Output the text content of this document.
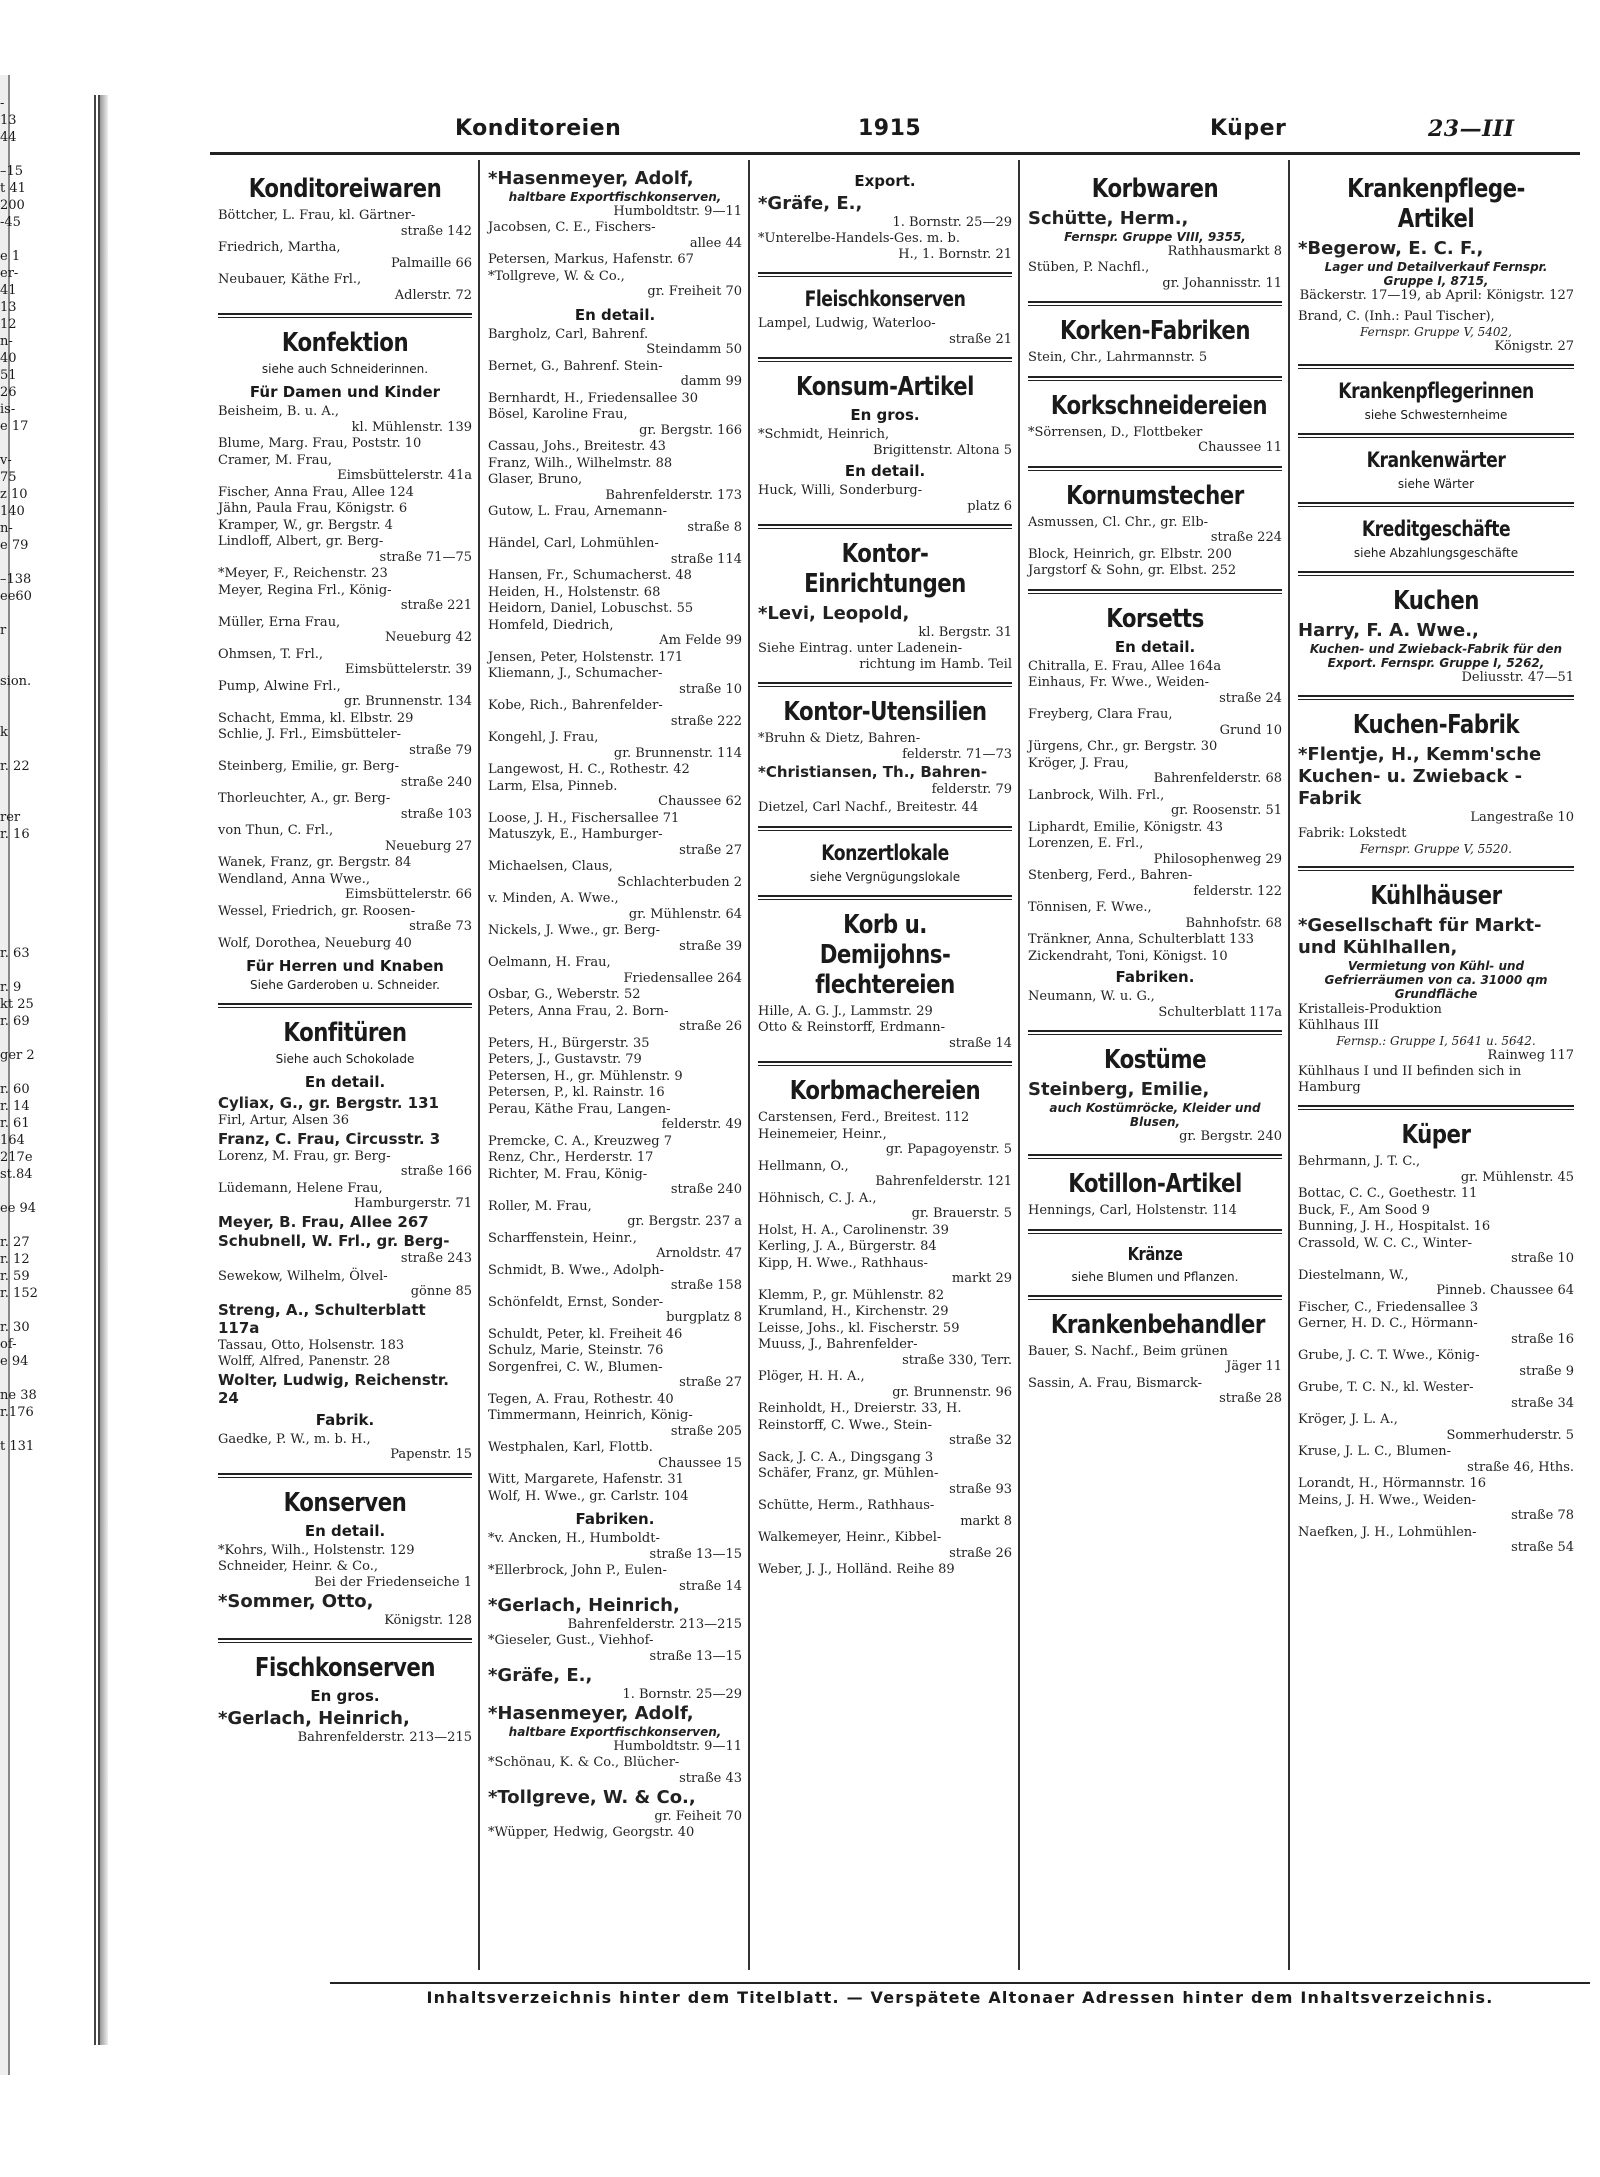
-
13
44

–15
t 41
200
-45

e 1
er-
41
13
12
n-
40
51
26
is-
e 17

v-
75
z 10
140
n-
e 79

–138
ee60

r

sion.

k

r. 22

rer
r. 16

r. 63

r. 9
kt 25
r. 69

ger 2

r. 60
r. 14
r. 61
164
217e
st.84

ee 94

r. 27
r. 12
r. 59
r. 152

r. 30
of-
e 94

ne 38
r.176

t 131
Konditoreien	1915	Küper	23—III
Konditoreiwaren
Böttcher, L. Frau, kl. Gärtner-
straße 142
Friedrich, Martha,
Palmaille 66
Neubauer, Käthe Frl.,
Adlerstr. 72
Konfektion
siehe auch Schneiderinnen.
Für Damen und Kinder
Beisheim, B. u. A.,
kl. Mühlenstr. 139
Blume, Marg. Frau, Poststr. 10
Cramer, M. Frau,
Eimsbüttelerstr. 41a
Fischer, Anna Frau, Allee 124
Jähn, Paula Frau, Königstr. 6
Kramper, W., gr. Bergstr. 4
Lindloff, Albert, gr. Berg-
straße 71—75
*Meyer, F., Reichenstr. 23
Meyer, Regina Frl., König-
straße 221
Müller, Erna Frau,
Neueburg 42
Ohmsen, T. Frl.,
Eimsbüttelerstr. 39
Pump, Alwine Frl.,
gr. Brunnenstr. 134
Schacht, Emma, kl. Elbstr. 29
Schlie, J. Frl., Eimsbütteler-
straße 79
Steinberg, Emilie, gr. Berg-
straße 240
Thorleuchter, A., gr. Berg-
straße 103
von Thun, C. Frl.,
Neueburg 27
Wanek, Franz, gr. Bergstr. 84
Wendland, Anna Wwe.,
Eimsbüttelerstr. 66
Wessel, Friedrich, gr. Roosen-
straße 73
Wolf, Dorothea, Neueburg 40
Für Herren und Knaben
Siehe Garderoben u. Schneider.
Konfitüren
Siehe auch Schokolade
En detail.
Cyliax, G., gr. Bergstr. 131
Firl, Artur, Alsen 36
Franz, C. Frau, Circusstr. 3
Lorenz, M. Frau, gr. Berg-
straße 166
Lüdemann, Helene Frau,
Hamburgerstr. 71
Meyer, B. Frau, Allee 267
Schubnell, W. Frl., gr. Berg-
straße 243
Sewekow, Wilhelm, Ölvel-
gönne 85
Streng, A., Schulterblatt 117a
Tassau, Otto, Holsenstr. 183
Wolff, Alfred, Panenstr. 28
Wolter, Ludwig, Reichenstr. 24
Fabrik.
Gaedke, P. W., m. b. H.,
Papenstr. 15
Konserven
En detail.
*Kohrs, Wilh., Holstenstr. 129
Schneider, Heinr. & Co.,
Bei der Friedenseiche 1
*Sommer, Otto,
Königstr. 128
Fischkonserven
En gros.
*Gerlach, Heinrich,
Bahrenfelderstr. 213—215
*Hasenmeyer, Adolf,
haltbare Exportfischkonserven,
Humboldtstr. 9—11
Jacobsen, C. E., Fischers-
allee 44
Petersen, Markus, Hafenstr. 67
*Tollgreve, W. & Co.,
gr. Freiheit 70
En detail.
Bargholz, Carl, Bahrenf.
Steindamm 50
Bernet, G., Bahrenf. Stein-
damm 99
Bernhardt, H., Friedensallee 30
Bösel, Karoline Frau,
gr. Bergstr. 166
Cassau, Johs., Breitestr. 43
Franz, Wilh., Wilhelmstr. 88
Glaser, Bruno,
Bahrenfelderstr. 173
Gutow, L. Frau, Arnemann-
straße 8
Händel, Carl, Lohmühlen-
straße 114
Hansen, Fr., Schumacherst. 48
Heiden, H., Holstenstr. 68
Heidorn, Daniel, Lobuschst. 55
Homfeld, Diedrich,
Am Felde 99
Jensen, Peter, Holstenstr. 171
Kliemann, J., Schumacher-
straße 10
Kobe, Rich., Bahrenfelder-
straße 222
Kongehl, J. Frau,
gr. Brunnenstr. 114
Langewost, H. C., Rothestr. 42
Larm, Elsa, Pinneb.
Chaussee 62
Loose, J. H., Fischersallee 71
Matuszyk, E., Hamburger-
straße 27
Michaelsen, Claus,
Schlachterbuden 2
v. Minden, A. Wwe.,
gr. Mühlenstr. 64
Nickels, J. Wwe., gr. Berg-
straße 39
Oelmann, H. Frau,
Friedensallee 264
Osbar, G., Weberstr. 52
Peters, Anna Frau, 2. Born-
straße 26
Peters, H., Bürgerstr. 35
Peters, J., Gustavstr. 79
Petersen, H., gr. Mühlenstr. 9
Petersen, P., kl. Rainstr. 16
Perau, Käthe Frau, Langen-
felderstr. 49
Premcke, C. A., Kreuzweg 7
Renz, Chr., Herderstr. 17
Richter, M. Frau, König-
straße 240
Roller, M. Frau,
gr. Bergstr. 237 a
Scharffenstein, Heinr.,
Arnoldstr. 47
Schmidt, B. Wwe., Adolph-
straße 158
Schönfeldt, Ernst, Sonder-
burgplatz 8
Schuldt, Peter, kl. Freiheit 46
Schulz, Marie, Steinstr. 76
Sorgenfrei, C. W., Blumen-
straße 27
Tegen, A. Frau, Rothestr. 40
Timmermann, Heinrich, König-
straße 205
Westphalen, Karl, Flottb.
Chaussee 15
Witt, Margarete, Hafenstr. 31
Wolf, H. Wwe., gr. Carlstr. 104
Fabriken.
*v. Ancken, H., Humboldt-
straße 13—15
*Ellerbrock, John P., Eulen-
straße 14
*Gerlach, Heinrich,
Bahrenfelderstr. 213—215
*Gieseler, Gust., Viehhof-
straße 13—15
*Gräfe, E.,
1. Bornstr. 25—29
*Hasenmeyer, Adolf,
haltbare Exportfischkonserven,
Humboldtstr. 9—11
*Schönau, K. & Co., Blücher-
straße 43
*Tollgreve, W. & Co.,
gr. Feiheit 70
*Wüpper, Hedwig, Georgstr. 40
Export.
*Gräfe, E.,
1. Bornstr. 25—29
*Unterelbe-Handels-Ges. m. b.
H., 1. Bornstr. 21
Fleischkonserven
Lampel, Ludwig, Waterloo-
straße 21
Konsum-Artikel
En gros.
*Schmidt, Heinrich,
Brigittenstr. Altona 5
En detail.
Huck, Willi, Sonderburg-
platz 6
Kontor-Einrichtungen
*Levi, Leopold,
kl. Bergstr. 31
Siehe Eintrag. unter Ladenein-
richtung im Hamb. Teil
Kontor-Utensilien
*Bruhn & Dietz, Bahren-
felderstr. 71—73
*Christiansen, Th., Bahren-
felderstr. 79
Dietzel, Carl Nachf., Breitestr. 44
Konzertlokale
siehe Vergnügungslokale
Korb u. Demijohns-flechtereien
Hille, A. G. J., Lammstr. 29
Otto & Reinstorff, Erdmann-
straße 14
Korbmachereien
Carstensen, Ferd., Breitest. 112
Heinemeier, Heinr.,
gr. Papagoyenstr. 5
Hellmann, O.,
Bahrenfelderstr. 121
Höhnisch, C. J. A.,
gr. Brauerstr. 5
Holst, H. A., Carolinenstr. 39
Kerling, J. A., Bürgerstr. 84
Kipp, H. Wwe., Rathhaus-
markt 29
Klemm, P., gr. Mühlenstr. 82
Krumland, H., Kirchenstr. 29
Leisse, Johs., kl. Fischerstr. 59
Muuss, J., Bahrenfelder-
straße 330, Terr.
Plöger, H. H. A.,
gr. Brunnenstr. 96
Reinholdt, H., Dreierstr. 33, H.
Reinstorff, C. Wwe., Stein-
straße 32
Sack, J. C. A., Dingsgang 3
Schäfer, Franz, gr. Mühlen-
straße 93
Schütte, Herm., Rathhaus-
markt 8
Walkemeyer, Heinr., Kibbel-
straße 26
Weber, J. J., Holländ. Reihe 89
Korbwaren
Schütte, Herm.,
Fernspr. Gruppe VIII, 9355,
Rathhausmarkt 8
Stüben, P. Nachfl.,
gr. Johannisstr. 11
Korken-Fabriken
Stein, Chr., Lahrmannstr. 5
Korkschneidereien
*Sörrensen, D., Flottbeker
Chaussee 11
Kornumstecher
Asmussen, Cl. Chr., gr. Elb-
straße 224
Block, Heinrich, gr. Elbstr. 200
Jargstorf & Sohn, gr. Elbst. 252
Korsetts
En detail.
Chitralla, E. Frau, Allee 164a
Einhaus, Fr. Wwe., Weiden-
straße 24
Freyberg, Clara Frau,
Grund 10
Jürgens, Chr., gr. Bergstr. 30
Kröger, J. Frau,
Bahrenfelderstr. 68
Lanbrock, Wilh. Frl.,
gr. Roosenstr. 51
Liphardt, Emilie, Königstr. 43
Lorenzen, E. Frl.,
Philosophenweg 29
Stenberg, Ferd., Bahren-
felderstr. 122
Tönnisen, F. Wwe.,
Bahnhofstr. 68
Tränkner, Anna, Schulterblatt 133
Zickendraht, Toni, Königst. 10
Fabriken.
Neumann, W. u. G.,
Schulterblatt 117a
Kostüme
Steinberg, Emilie,
auch Kostümröcke, Kleider und Blusen,
gr. Bergstr. 240
Kotillon-Artikel
Hennings, Carl, Holstenstr. 114
Kränze
siehe Blumen und Pflanzen.
Krankenbehandler
Bauer, S. Nachf., Beim grünen
Jäger 11
Sassin, A. Frau, Bismarck-
straße 28
Krankenpflege-Artikel
*Begerow, E. C. F.,
Lager und Detailverkauf Fernspr. Gruppe I, 8715,
Bäckerstr. 17—19, ab April: Königstr. 127
Brand, C. (Inh.: Paul Tischer),
Fernspr. Gruppe V, 5402,
Königstr. 27
Krankenpflegerinnen
siehe Schwesternheime
Krankenwärter
siehe Wärter
Kreditgeschäfte
siehe Abzahlungsgeschäfte
Kuchen
Harry, F. A. Wwe.,
Kuchen- und Zwieback-Fabrik für den Export. Fernspr. Gruppe I, 5262,
Deliusstr. 47—51
Kuchen-Fabrik
*Flentje, H., Kemm'sche Kuchen- u. Zwieback - Fabrik
Langestraße 10
Fabrik: Lokstedt
Fernspr. Gruppe V, 5520.
Kühlhäuser
*Gesellschaft für Markt- und Kühlhallen,
Vermietung von Kühl- und Gefrierräumen von ca. 31000 qm Grundfläche
Kristalleis-Produktion
Kühlhaus III
Fernsp.: Gruppe I, 5641 u. 5642.
Rainweg 117
Kühlhaus I und II befinden sich in Hamburg
Küper
Behrmann, J. T. C.,
gr. Mühlenstr. 45
Bottac, C. C., Goethestr. 11
Buck, F., Am Sood 9
Bunning, J. H., Hospitalst. 16
Crassold, W. C. C., Winter-
straße 10
Diestelmann, W.,
Pinneb. Chaussee 64
Fischer, C., Friedensallee 3
Gerner, H. D. C., Hörmann-
straße 16
Grube, J. C. T. Wwe., König-
straße 9
Grube, T. C. N., kl. Wester-
straße 34
Kröger, J. L. A.,
Sommerhuderstr. 5
Kruse, J. L. C., Blumen-
straße 46, Hths.
Lorandt, H., Hörmannstr. 16
Meins, J. H. Wwe., Weiden-
straße 78
Naefken, J. H., Lohmühlen-
straße 54
Inhaltsverzeichnis hinter dem Titelblatt. — Verspätete Altonaer Adressen hinter dem Inhaltsverzeichnis.
